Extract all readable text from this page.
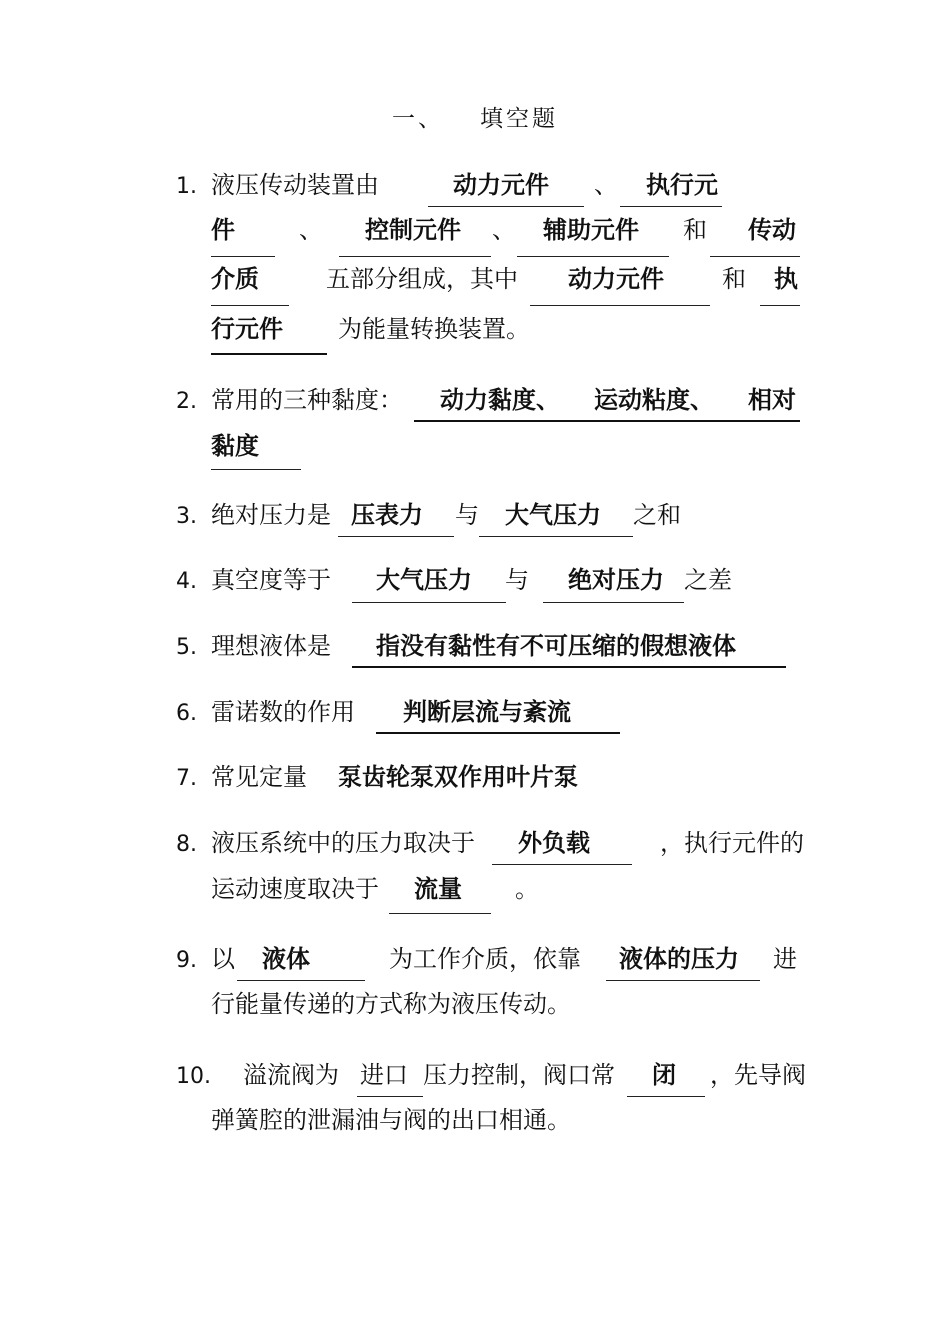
一、 填空题
1. 液压传动装置由	动力元件 、 执行元
件	、 控制元件 、 辅助元件 和 传动
介质	五部分组成，其中 动力元件 和 执
行元件 为能量转换装置。
2. 常用的三种黏度： 动力黏度、 运动粘度、 相对
黏度
3. 绝对压力是 压表力 与 大气压力 之和
4. 真空度等于 大气压力 与 绝对压力 之差
5. 理想液体是 指没有黏性有不可压缩的假想液体
6. 雷诺数的作用 判断层流与紊流
7. 常见定量 泵齿轮泵双作用叶片泵
8. 液压系统中的压力取决于 外负载	，执行元件的
运动速度取决于 流量 。
9. 以 液体	为工作介质，依靠 液体的压力 进
行能量传递的方式称为液压传动。
10. 溢流阀为 进口 压力控制，阀口常 闭 ，先导阀
弹簧腔的泄漏油与阀的出口相通。
